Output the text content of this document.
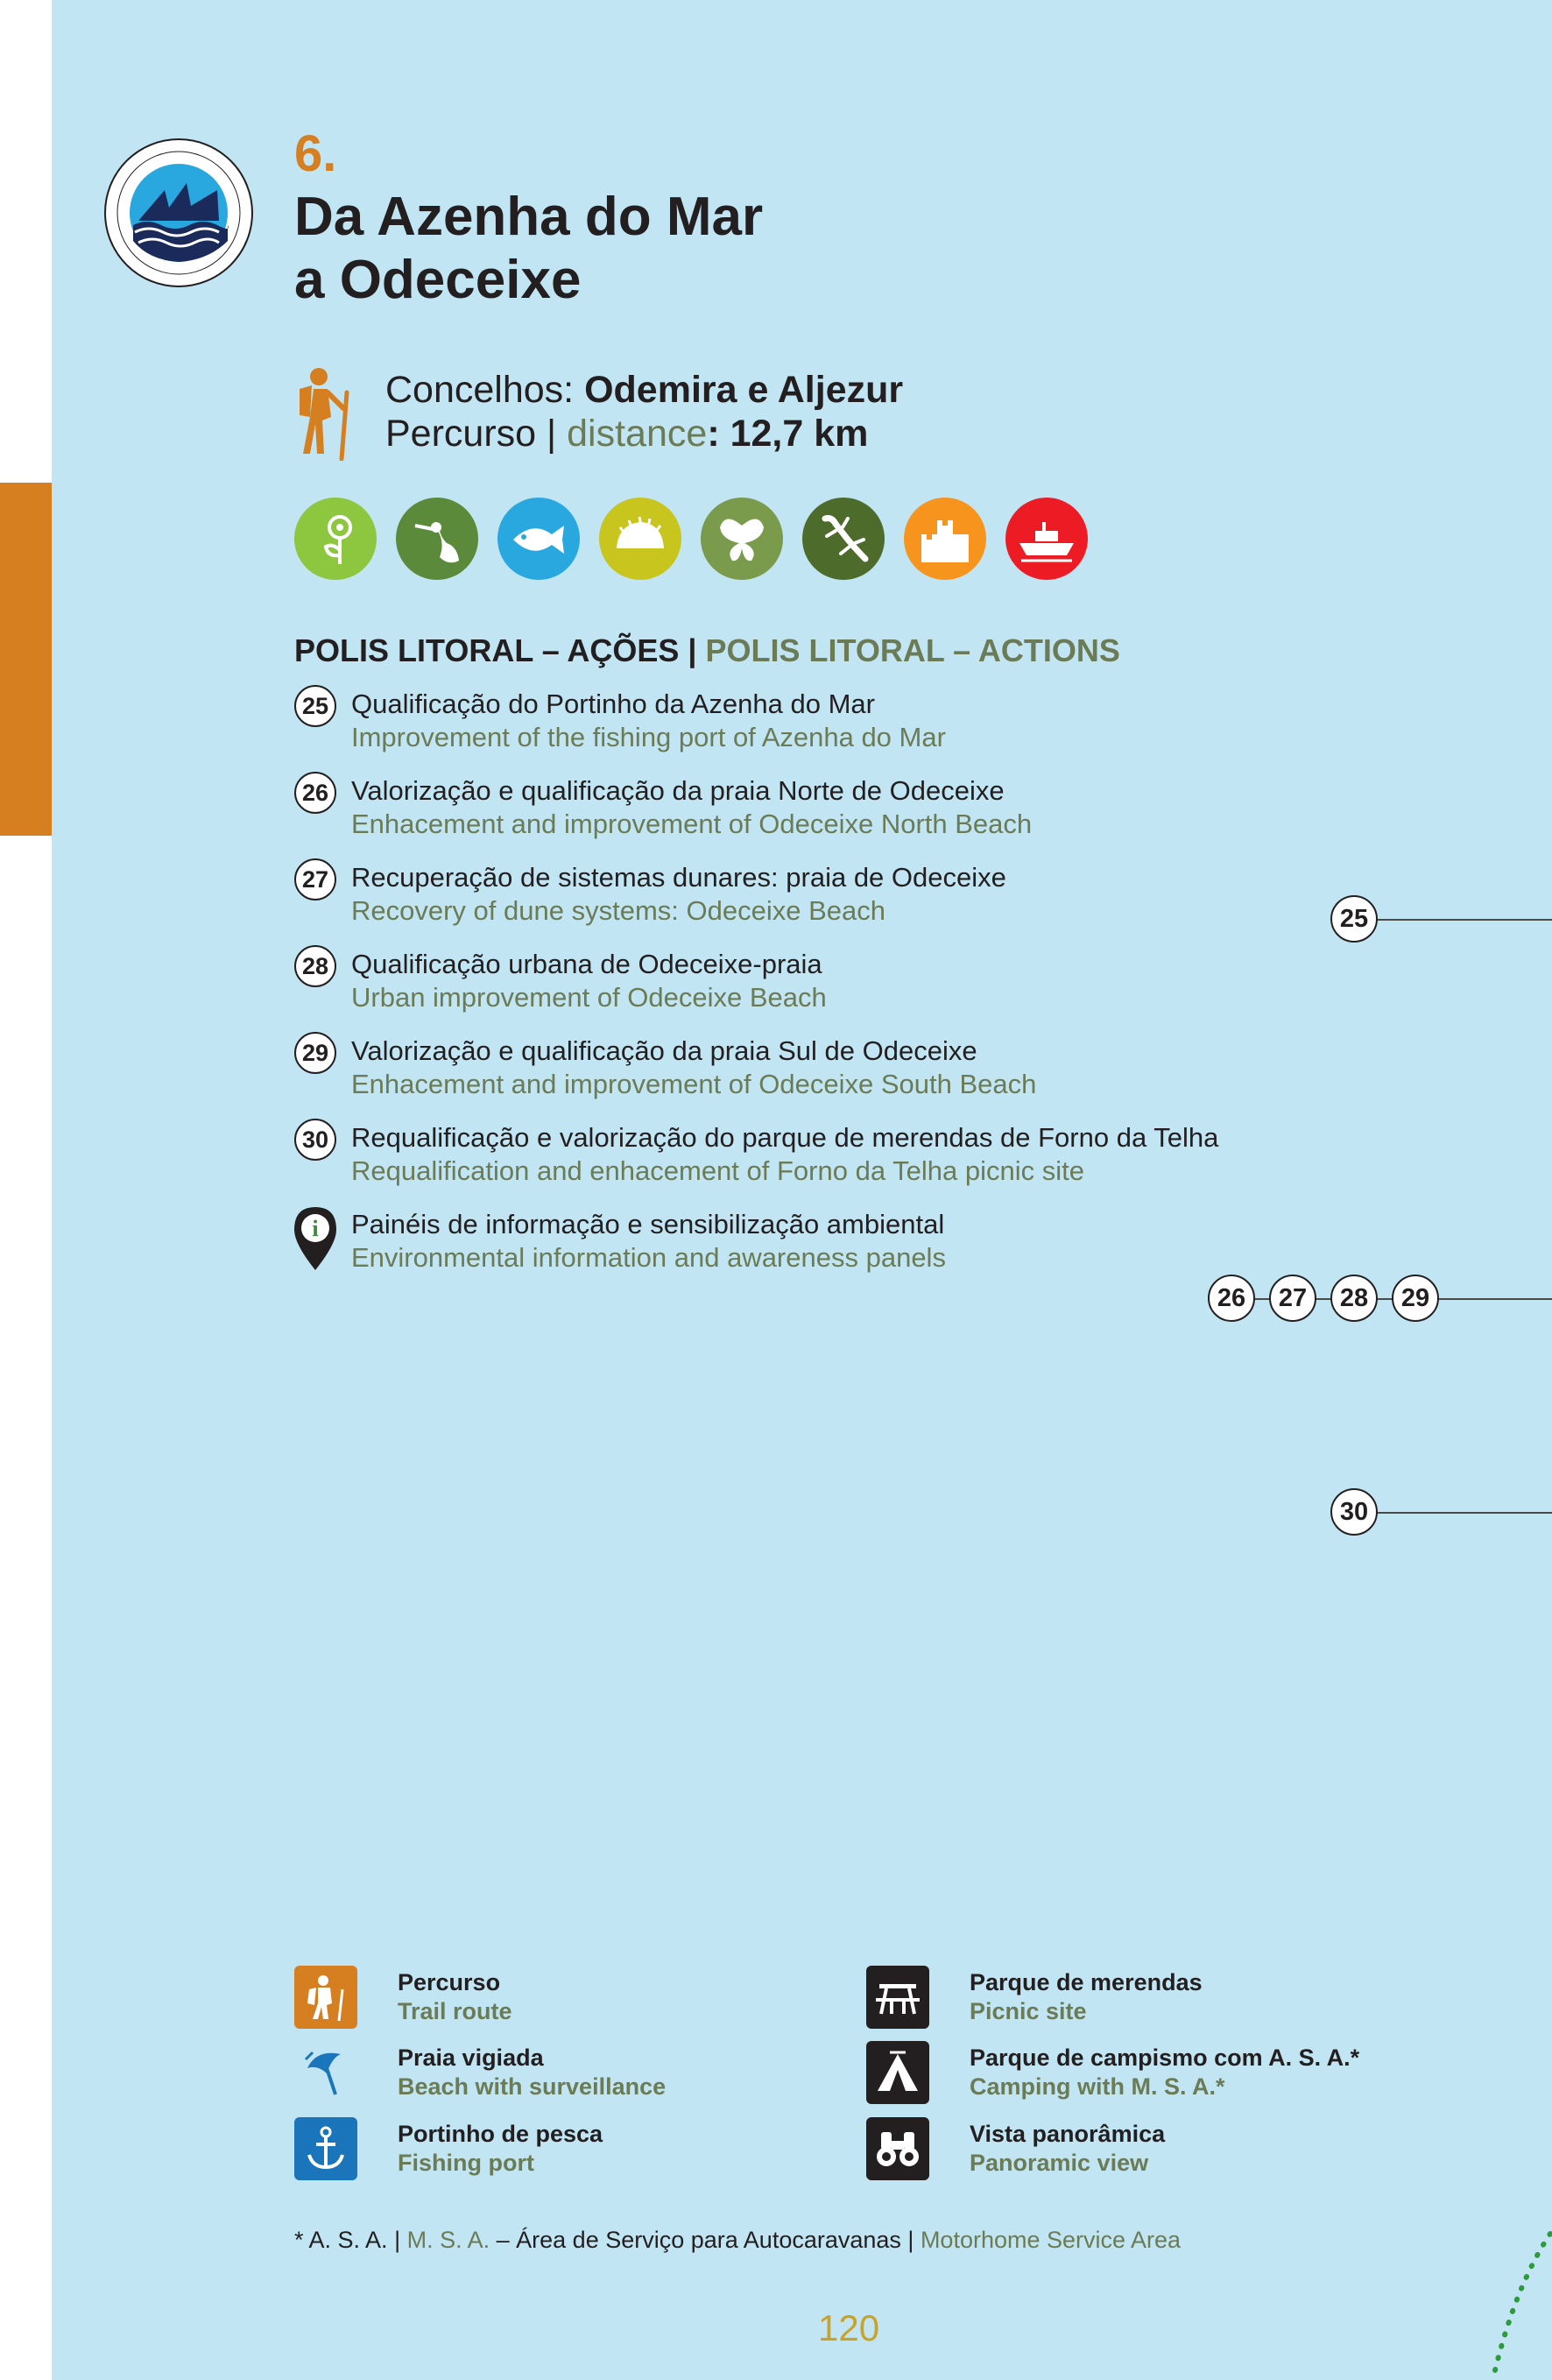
6.
Da Azenha do Mar
a Odeceixe
Concelhos: Odemira e Aljezur
Percurso | distance: 12,7 km
POLIS LITORAL – AÇÕES | POLIS LITORAL – ACTIONS
25 Qualificação do Portinho da Azenha do Mar
Improvement of the fishing port of Azenha do Mar
26 Valorização e qualificação da praia Norte de Odeceixe
Enhacement and improvement of Odeceixe North Beach
27 Recuperação de sistemas dunares: praia de Odeceixe
Recovery of dune systems: Odeceixe Beach
28 Qualificação urbana de Odeceixe-praia
Urban improvement of Odeceixe Beach
29 Valorização e qualificação da praia Sul de Odeceixe
Enhacement and improvement of Odeceixe South Beach
30 Requalificação e valorização do parque de merendas de Forno da Telha
Requalification and enhacement of Forno da Telha picnic site
i Painéis de informação e sensibilização ambiental
Environmental information and awareness panels
25
26	27	28	29
30
Percurso
Trail route
Praia vigiada
Beach with surveillance
Portinho de pesca
Fishing port
Parque de merendas
Picnic site
Parque de campismo com A. S. A.*
Camping with M. S. A.*
Vista panorâmica
Panoramic view
* A. S. A. | M. S. A. – Área de Serviço para Autocaravanas | Motorhome Service Area
120
